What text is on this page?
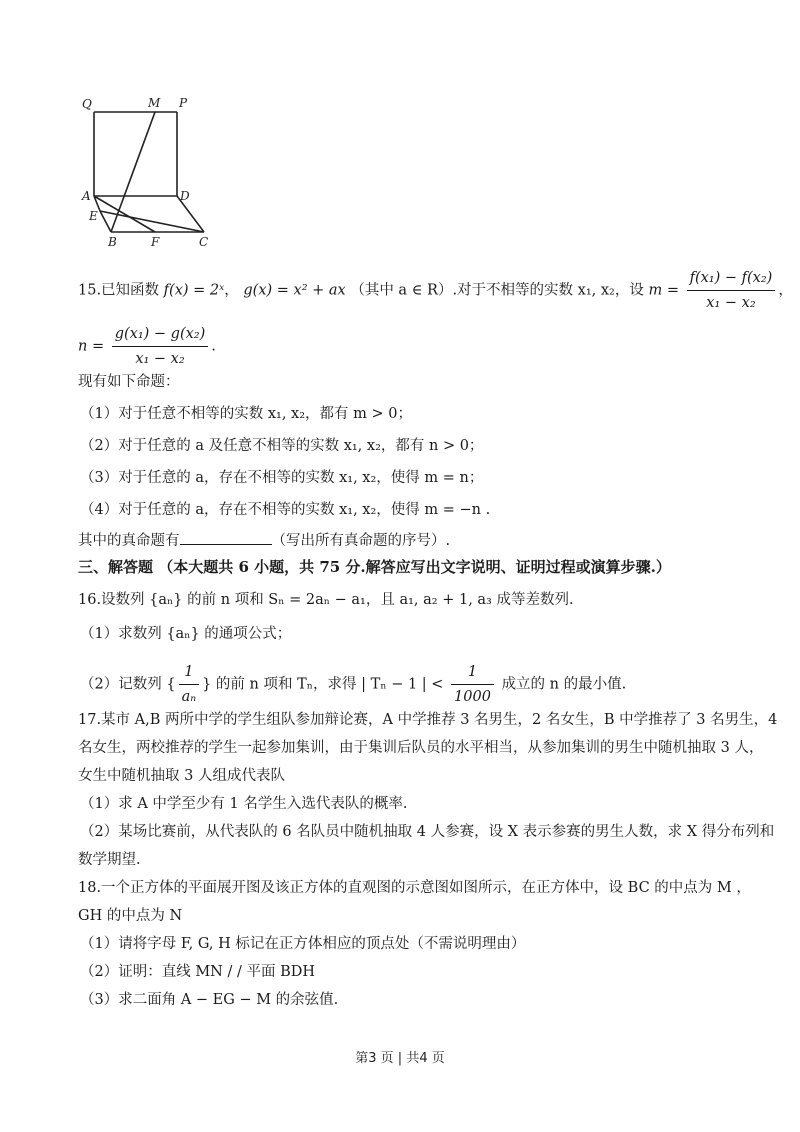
Q	M P
A	D
E
B	F	C
15.已知函数 f(x) = 2ˣ， g(x) = x² + ax （其中 a ∈ R）.对于不相等的实数 x₁, x₂，设 $m = \frac{\text{f(x₁) − f(x₂)}}{\text{x₁ − x₂}}$ ，
$n = \frac{\text{g(x₁) − g(x₂)}}{\text{x₁ − x₂}}$ .
现有如下命题：
（1）对于任意不相等的实数 x₁, x₂，都有 m > 0；
（2）对于任意的 a 及任意不相等的实数 x₁, x₂，都有 n > 0；
（3）对于任意的 a，存在不相等的实数 x₁, x₂，使得 m = n；
（4）对于任意的 a，存在不相等的实数 x₁, x₂，使得 m = −n .
其中的真命题有	（写出所有真命题的序号）.
三、解答题 （本大题共 6 小题，共 75 分.解答应写出文字说明、证明过程或演算步骤.）
16.设数列 {aₙ} 的前 n 项和 Sₙ = 2aₙ − a₁，且 a₁, a₂ + 1, a₃ 成等差数列.
（1）求数列 {aₙ} 的通项公式；
（2）记数列 { $\frac{1}{\text{aₙ}}$ } 的前 n 项和 Tₙ，求得 | Tₙ − 1 | < $\frac{1}{1000}$ 成立的 n 的最小值.
17.某市 A,B 两所中学的学生组队参加辩论赛，A 中学推荐 3 名男生，2 名女生，B 中学推荐了 3 名男生，4
名女生，两校推荐的学生一起参加集训，由于集训后队员的水平相当，从参加集训的男生中随机抽取 3 人，
女生中随机抽取 3 人组成代表队
（1）求 A 中学至少有 1 名学生入选代表队的概率.
（2）某场比赛前，从代表队的 6 名队员中随机抽取 4 人参赛，设 X 表示参赛的男生人数，求 X 得分布列和
数学期望.
18.一个正方体的平面展开图及该正方体的直观图的示意图如图所示，在正方体中，设 BC 的中点为 M ，
GH 的中点为 N
（1）请将字母 F, G, H 标记在正方体相应的顶点处（不需说明理由）
（2）证明：直线 MN / / 平面 BDH
（3）求二面角 A − EG − M 的余弦值.
第3 页 | 共4 页
